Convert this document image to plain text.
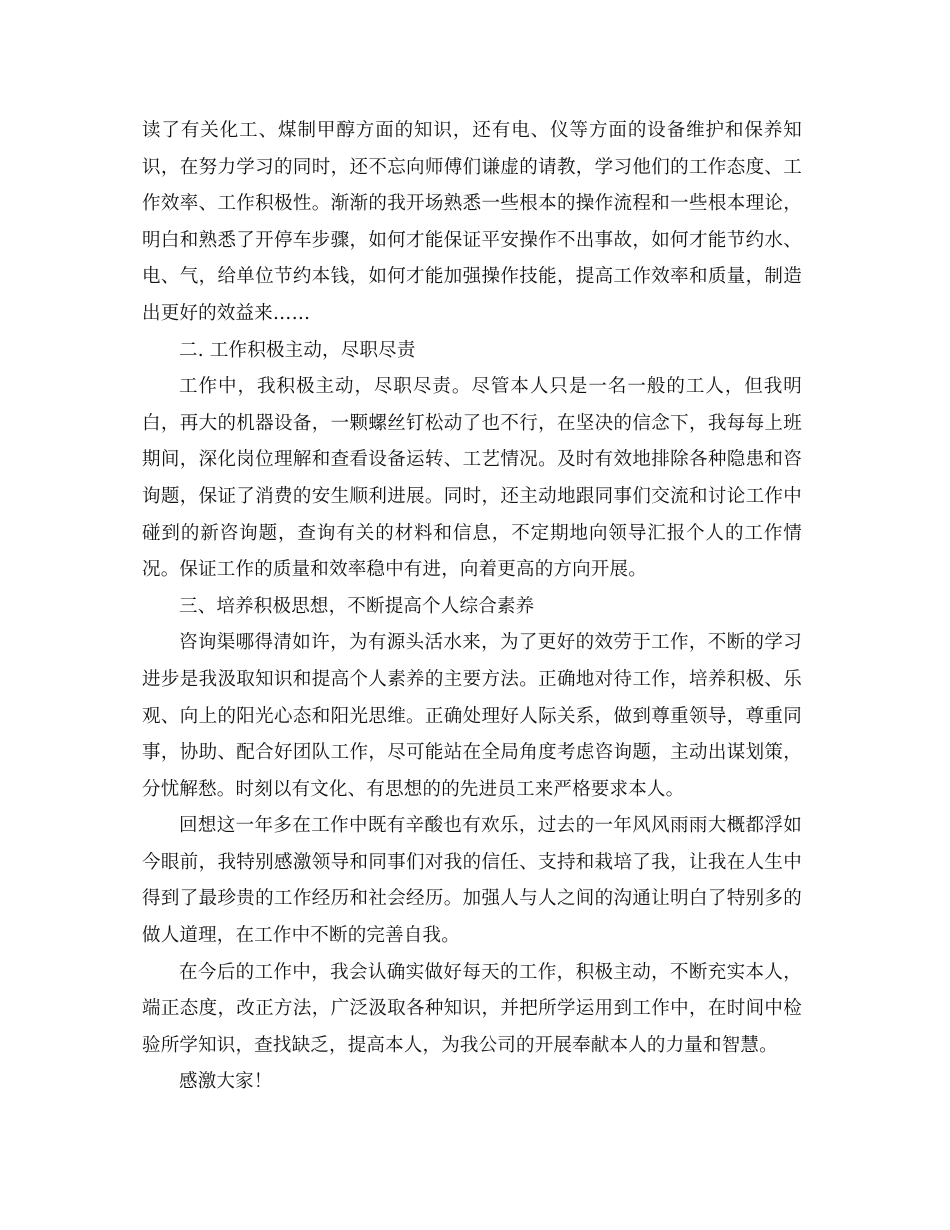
读了有关化工、煤制甲醇方面的知识，还有电、仪等方面的设备维护和保养知识，在努力学习的同时，还不忘向师傅们谦虚的请教，学习他们的工作态度、工作效率、工作积极性。渐渐的我开场熟悉一些根本的操作流程和一些根本理论，明白和熟悉了开停车步骤，如何才能保证平安操作不出事故，如何才能节约水、电、气，给单位节约本钱，如何才能加强操作技能，提高工作效率和质量，制造出更好的效益来……

二. 工作积极主动，尽职尽责

工作中，我积极主动，尽职尽责。尽管本人只是一名一般的工人，但我明白，再大的机器设备，一颗螺丝钉松动了也不行，在坚决的信念下，我每每上班期间，深化岗位理解和查看设备运转、工艺情况。及时有效地排除各种隐患和咨询题，保证了消费的安生顺利进展。同时，还主动地跟同事们交流和讨论工作中碰到的新咨询题，查询有关的材料和信息，不定期地向领导汇报个人的工作情况。保证工作的质量和效率稳中有进，向着更高的方向开展。

三、培养积极思想，不断提高个人综合素养

咨询渠哪得清如许，为有源头活水来，为了更好的效劳于工作，不断的学习进步是我汲取知识和提高个人素养的主要方法。正确地对待工作，培养积极、乐观、向上的阳光心态和阳光思维。正确处理好人际关系，做到尊重领导，尊重同事，协助、配合好团队工作，尽可能站在全局角度考虑咨询题，主动出谋划策，分忧解愁。时刻以有文化、有思想的的先进员工来严格要求本人。

回想这一年多在工作中既有辛酸也有欢乐，过去的一年风风雨雨大概都浮如今眼前，我特别感激领导和同事们对我的信任、支持和栽培了我，让我在人生中得到了最珍贵的工作经历和社会经历。加强人与人之间的沟通让明白了特别多的做人道理，在工作中不断的完善自我。

在今后的工作中，我会认确实做好每天的工作，积极主动，不断充实本人，端正态度，改正方法，广泛汲取各种知识，并把所学运用到工作中，在时间中检验所学知识，查找缺乏，提高本人，为我公司的开展奉献本人的力量和智慧。

感激大家！
